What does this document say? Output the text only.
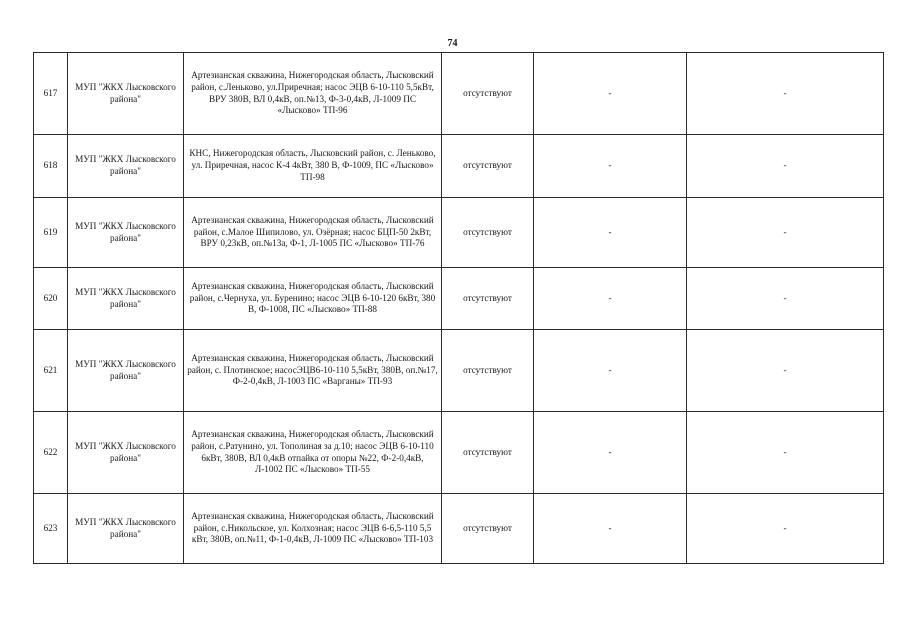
74
617	МУП "ЖКХ Лысковского района"	Артезианская скважина, Нижегородская область, Лысковский район, с.Леньково, ул.Приречная; насос ЭЦВ 6-10-110 5,5кВт, ВРУ 380В, ВЛ 0,4кВ, оп.№13, Ф-3-0,4кВ, Л-1009 ПС «Лысково» ТП-96	отсутствуют	-	-
618	МУП "ЖКХ Лысковского района"	КНС, Нижегородская область, Лысковский район, с. Леньково, ул. Приречная, насос К-4 4кВт, 380 В, Ф-1009, ПС «Лысково» ТП-98	отсутствуют	-	-
619	МУП "ЖКХ Лысковского района"	Артезианская скважина, Нижегородская область, Лысковский район, с.Малое Шипилово, ул. Озёрная; насос БЦП-50 2кВт, ВРУ 0,23кВ, оп.№13а, Ф-1, Л-1005 ПС «Лысково» ТП-76	отсутствуют	-	-
620	МУП "ЖКХ Лысковского района"	Артезианская скважина, Нижегородская область, Лысковский район, с.Чернуха, ул. Буренино; насос ЭЦВ 6-10-120 6кВт, 380 В, Ф-1008, ПС «Лысково» ТП-88	отсутствуют	-	-
621	МУП "ЖКХ Лысковского района"	Артезианская скважина, Нижегородская область, Лысковский район, с. Плотинское; насосЭЦВ6-10-110 5,5кВт, 380В, оп.№17, Ф-2-0,4кВ, Л-1003 ПС «Варганы» ТП-93	отсутствуют	-	-
622	МУП "ЖКХ Лысковского района"	Артезианская скважина, Нижегородская область, Лысковский район, с.Ратунино, ул. Тополиная за д.10; насос ЭЦВ 6-10-110 6кВт, 380В, ВЛ 0,4кВ отпайка от опоры №22, Ф-2-0,4кВ, Л-1002 ПС «Лысково» ТП-55	отсутствуют	-	-
623	МУП "ЖКХ Лысковского района"	Артезианская скважина, Нижегородская область, Лысковский район, с.Никольское, ул. Колхозная; насос ЭЦВ 6-6,5-110 5,5 кВт, 380В, оп.№11, Ф-1-0,4кВ, Л-1009 ПС «Лысково» ТП-103	отсутствуют	-	-
